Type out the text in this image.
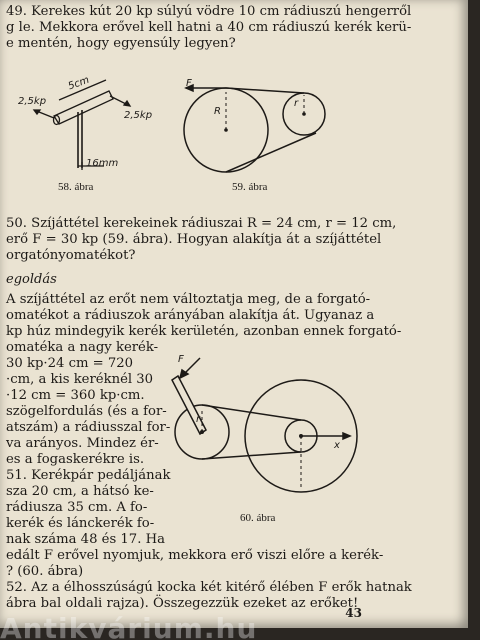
49. Kerekes kút 20 kp súlyú vödre 10 cm rádiuszú hengerről
g le. Mekkora erővel kell hatni a 40 cm rádiuszú kerék kerü-
e mentén, hogy egyensúly legyen?
5cm
2,5kp
2,5kp
16mm
58. ábra
F
R
r
59. ábra
50. Szíjáttétel kerekeinek rádiuszai R = 24 cm, r = 12 cm,
erő F = 30 kp (59. ábra). Hogyan alakítja át a szíjáttétel
orgatónyomatékot?
egoldás
A szíjáttétel az erőt nem változtatja meg, de a forgató-
omatékot a rádiuszok arányában alakítja át. Ugyanaz a
kp húz mindegyik kerék kerületén, azonban ennek forgató-
omatéka a nagy kerék-
30 kp·24 cm = 720
·cm, a kis keréknél 30
·12 cm = 360 kp·cm.
szögelfordulás (és a for-
atszám) a rádiusszal for-
va arányos. Mindez ér-
es a fogaskerékre is.
51. Kerékpár pedáljának
sza 20 cm, a hátsó ke-
rádiusza 35 cm. A fo-
kerék és lánckerék fo-
nak száma 48 és 17. Ha
edált F erővel nyomjuk, mekkora erő viszi előre a kerék-
? (60. ábra)
F
r
x
60. ábra
52. Az a élhosszúságú kocka két kitérő élében F erők hatnak
ábra bal oldali rajza). Összegezzük ezeket az erőket!
43
Antikvárium.hu
